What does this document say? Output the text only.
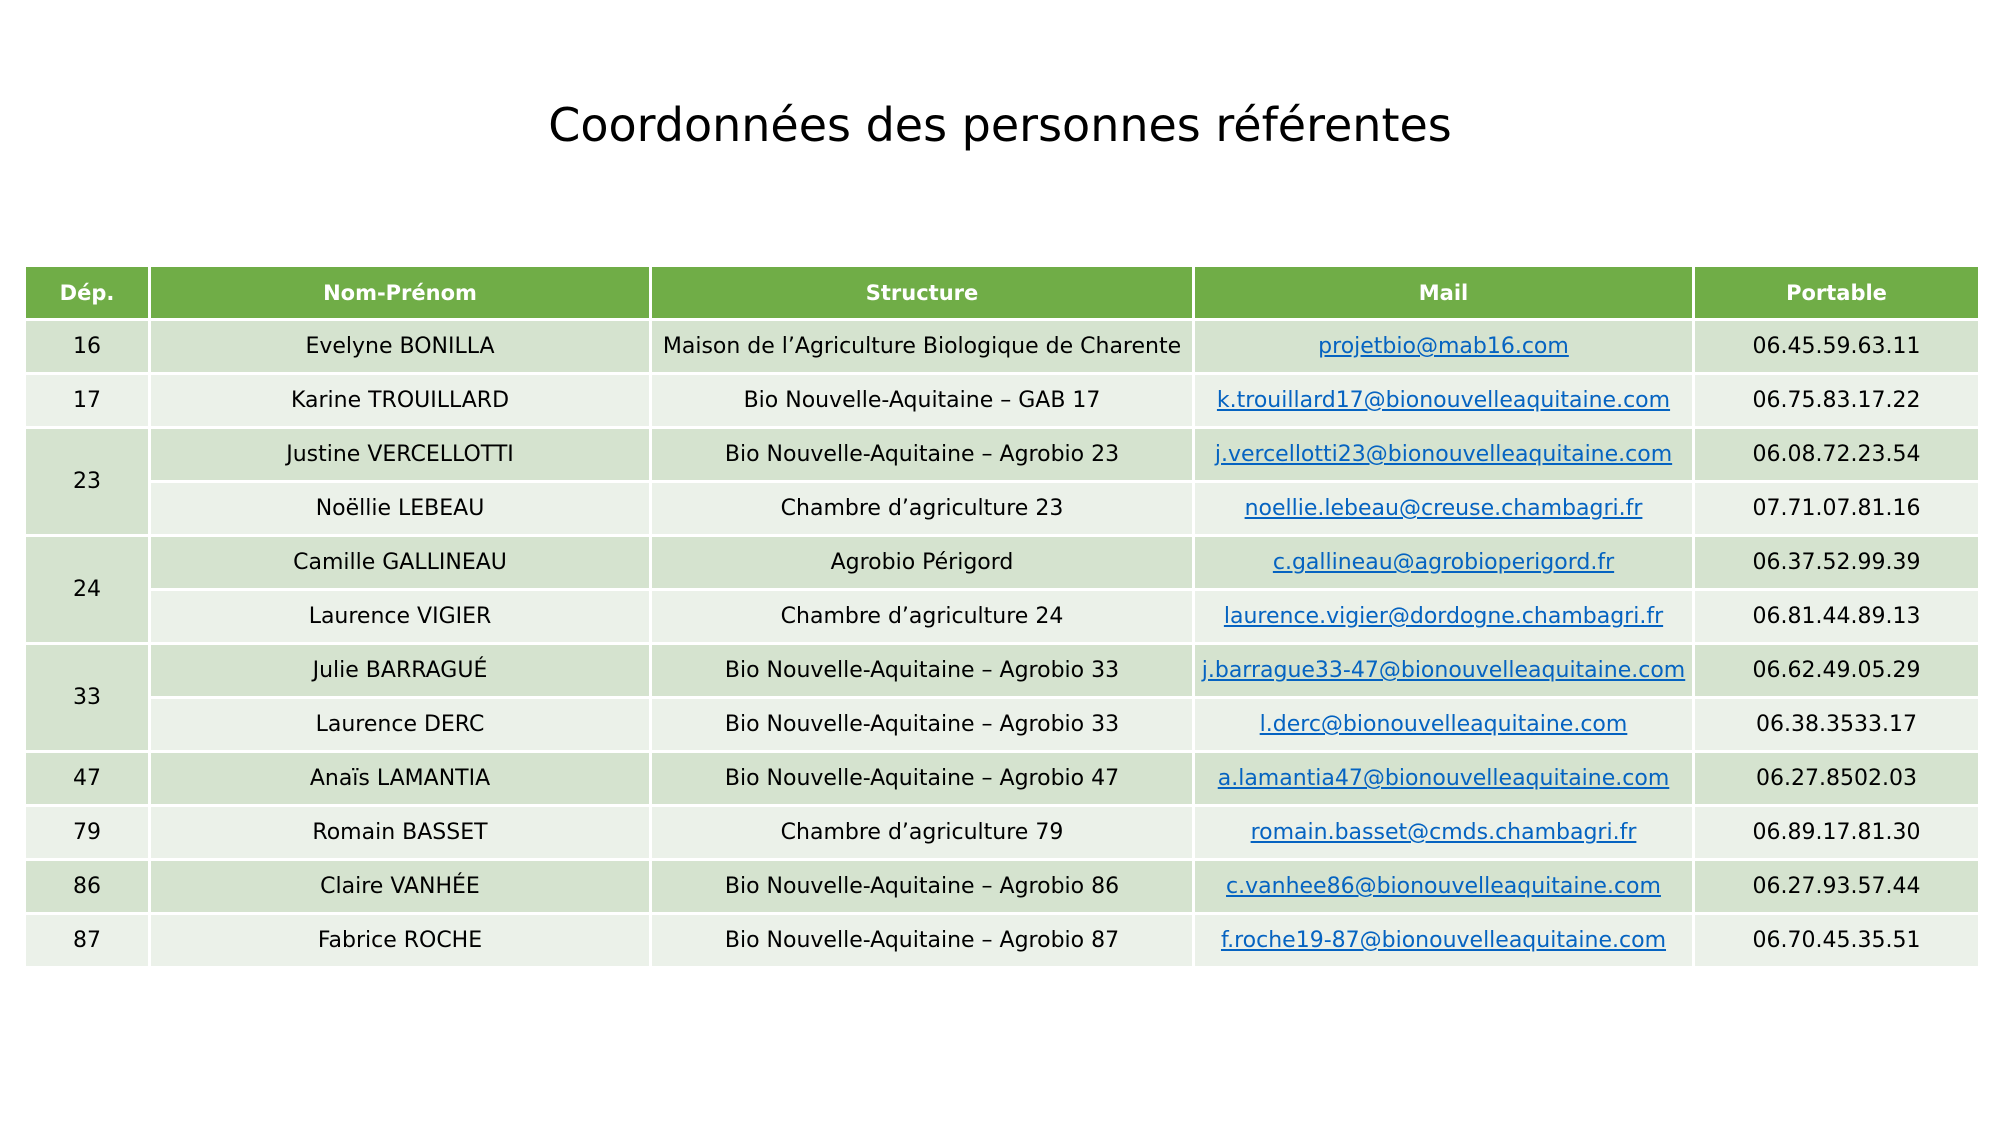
Coordonnées des personnes référentes
Dép.	Nom-Prénom	Structure	Mail	Portable
16	Evelyne BONILLA	Maison de l’Agriculture Biologique de Charente	projetbio@mab16.com	06.45.59.63.11
17	Karine TROUILLARD	Bio Nouvelle-Aquitaine – GAB 17	k.trouillard17@bionouvelleaquitaine.com	06.75.83.17.22
23	Justine VERCELLOTTI	Bio Nouvelle-Aquitaine – Agrobio 23	j.vercellotti23@bionouvelleaquitaine.com	06.08.72.23.54
	Noëllie LEBEAU	Chambre d’agriculture 23	noellie.lebeau@creuse.chambagri.fr	07.71.07.81.16
24	Camille GALLINEAU	Agrobio Périgord	c.gallineau@agrobioperigord.fr	06.37.52.99.39
	Laurence VIGIER	Chambre d’agriculture 24	laurence.vigier@dordogne.chambagri.fr	06.81.44.89.13
33	Julie BARRAGUÉ	Bio Nouvelle-Aquitaine – Agrobio 33	j.barrague33-47@bionouvelleaquitaine.com	06.62.49.05.29
	Laurence DERC	Bio Nouvelle-Aquitaine – Agrobio 33	l.derc@bionouvelleaquitaine.com	06.38.3533.17
47	Anaïs LAMANTIA	Bio Nouvelle-Aquitaine – Agrobio 47	a.lamantia47@bionouvelleaquitaine.com	06.27.8502.03
79	Romain BASSET	Chambre d’agriculture 79	romain.basset@cmds.chambagri.fr	06.89.17.81.30
86	Claire VANHÉE	Bio Nouvelle-Aquitaine – Agrobio 86	c.vanhee86@bionouvelleaquitaine.com	06.27.93.57.44
87	Fabrice ROCHE	Bio Nouvelle-Aquitaine – Agrobio 87	f.roche19-87@bionouvelleaquitaine.com	06.70.45.35.51
